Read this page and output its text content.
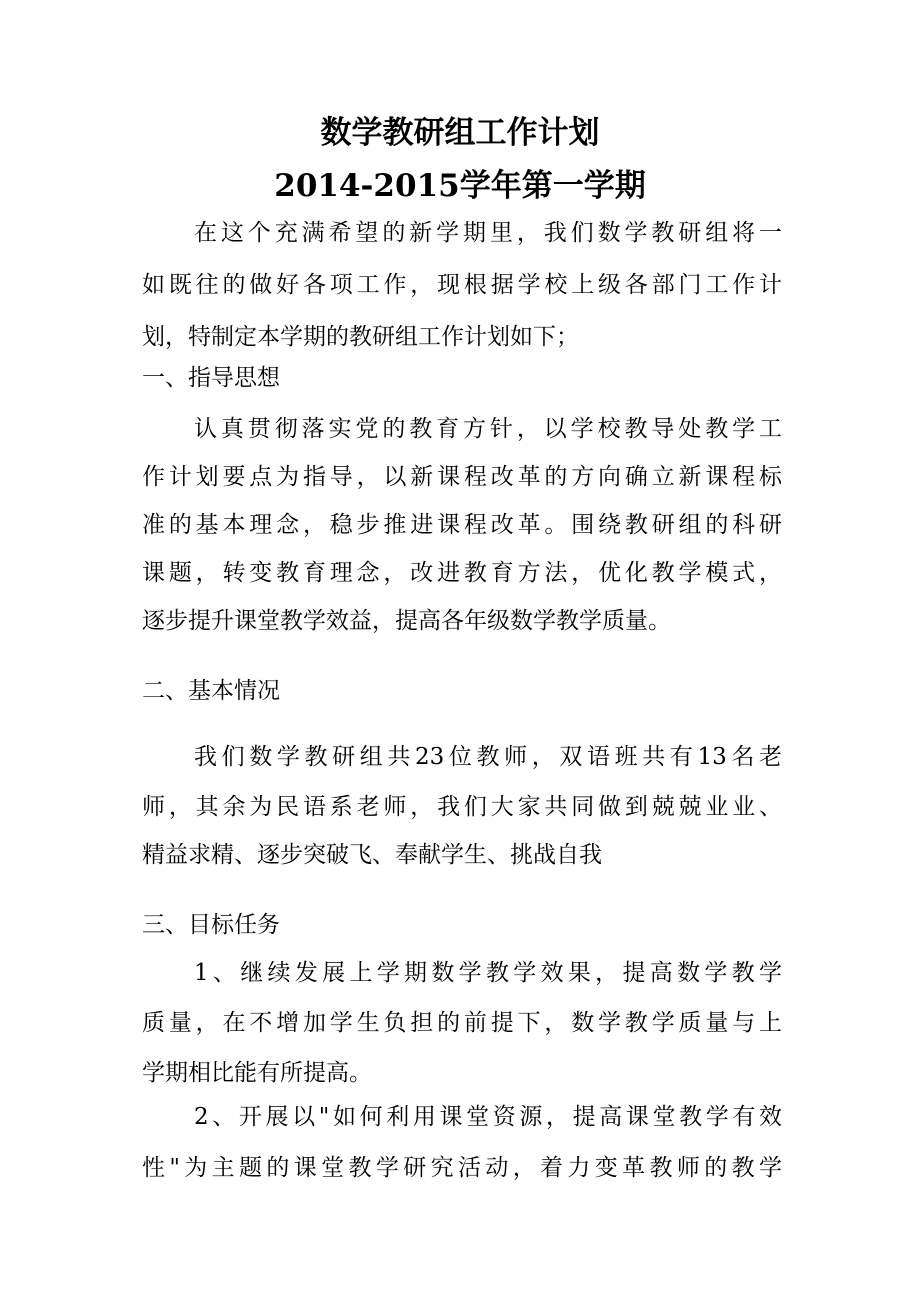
数学教研组工作计划
2014-2015学年第一学期

在这个充满希望的新学期里，我们数学教研组将一

如既往的做好各项工作，现根据学校上级各部门工作计

划，特制定本学期的教研组工作计划如下；

一、指导思想

认真贯彻落实党的教育方针，以学校教导处教学工

作计划要点为指导，以新课程改革的方向确立新课程标

准的基本理念，稳步推进课程改革。围绕教研组的科研

课题，转变教育理念，改进教育方法，优化教学模式，

逐步提升课堂教学效益，提高各年级数学教学质量。

二、基本情况

我们数学教研组共23位教师，双语班共有13名老

师，其余为民语系老师，我们大家共同做到兢兢业业、

精益求精、逐步突破飞、奉献学生、挑战自我

三、目标任务

1、继续发展上学期数学教学效果，提高数学教学

质量，在不增加学生负担的前提下，数学教学质量与上

学期相比能有所提高。

2、开展以"如何利用课堂资源，提高课堂教学有效

性"为主题的课堂教学研究活动，着力变革教师的教学
